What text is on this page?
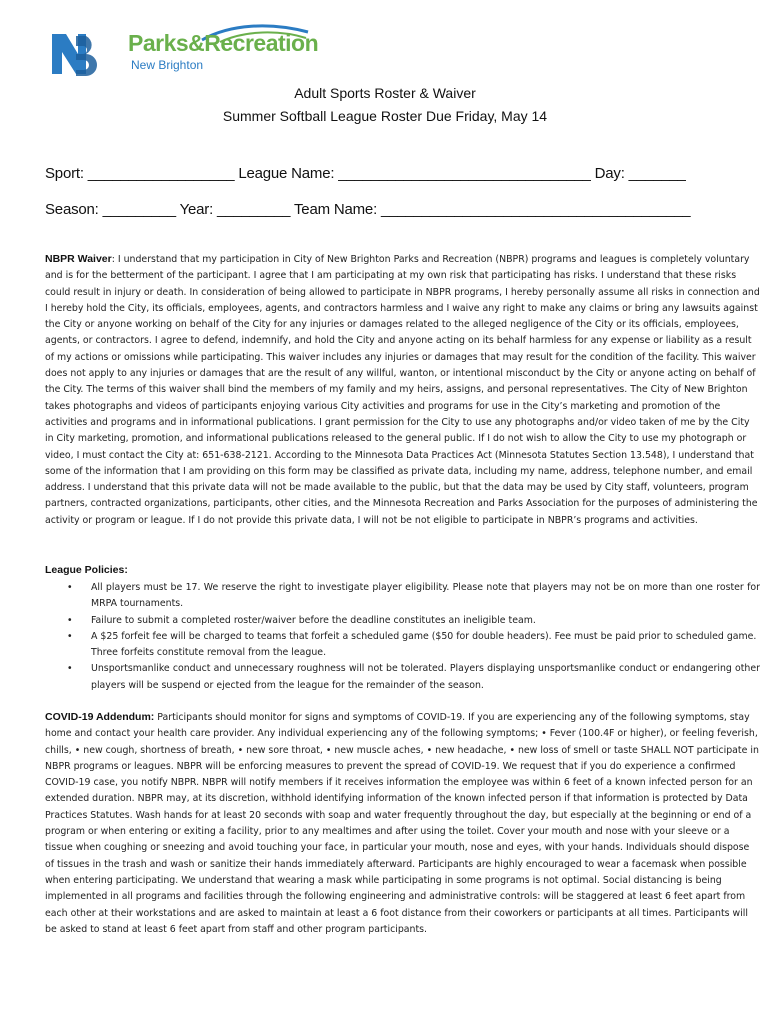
Parks&Recreation
New Brighton
Adult Sports Roster & Waiver
Summer Softball League Roster Due Friday, May 14
Sport: __________________ League Name: _______________________________ Day: _______
Season: _________ Year: _________ Team Name: ______________________________________
NBPR Waiver: I understand that my participation in City of New Brighton Parks and Recreation (NBPR) programs and leagues is completely voluntary and is for the betterment of the participant. I agree that I am participating at my own risk that participating has risks. I understand that these risks could result in injury or death. In consideration of being allowed to participate in NBPR programs, I hereby personally assume all risks in connection and I hereby hold the City, its officials, employees, agents, and contractors harmless and I waive any right to make any claims or bring any lawsuits against the City or anyone working on behalf of the City for any injuries or damages related to the alleged negligence of the City or its officials, employees, agents, or contractors. I agree to defend, indemnify, and hold the City and anyone acting on its behalf harmless for any expense or liability as a result of my actions or omissions while participating. This waiver includes any injuries or damages that may result for the condition of the facility. This waiver does not apply to any injuries or damages that are the result of any willful, wanton, or intentional misconduct by the City or anyone acting on behalf of the City. The terms of this waiver shall bind the members of my family and my heirs, assigns, and personal representatives. The City of New Brighton takes photographs and videos of participants enjoying various City activities and programs for use in the City’s marketing and promotion of the activities and programs and in informational publications. I grant permission for the City to use any photographs and/or video taken of me by the City in City marketing, promotion, and informational publications released to the general public. If I do not wish to allow the City to use my photograph or video, I must contact the City at: 651-638-2121. According to the Minnesota Data Practices Act (Minnesota Statutes Section 13.548), I understand that some of the information that I am providing on this form may be classified as private data, including my name, address, telephone number, and email address. I understand that this private data will not be made available to the public, but that the data may be used by City staff, volunteers, program partners, contracted organizations, participants, other cities, and the Minnesota Recreation and Parks Association for the purposes of administering the activity or program or league. If I do not provide this private data, I will not be not eligible to participate in NBPR’s programs and activities.
League Policies:
• All players must be 17. We reserve the right to investigate player eligibility. Please note that players may not be on more than one roster for MRPA tournaments.
• Failure to submit a completed roster/waiver before the deadline constitutes an ineligible team.
• A $25 forfeit fee will be charged to teams that forfeit a scheduled game ($50 for double headers). Fee must be paid prior to scheduled game. Three forfeits constitute removal from the league.
• Unsportsmanlike conduct and unnecessary roughness will not be tolerated. Players displaying unsportsmanlike conduct or endangering other players will be suspend or ejected from the league for the remainder of the season.
COVID-19 Addendum: Participants should monitor for signs and symptoms of COVID-19. If you are experiencing any of the following symptoms, stay home and contact your health care provider. Any individual experiencing any of the following symptoms; • Fever (100.4F or higher), or feeling feverish, chills, • new cough, shortness of breath, • new sore throat, • new muscle aches, • new headache, • new loss of smell or taste SHALL NOT participate in NBPR programs or leagues. NBPR will be enforcing measures to prevent the spread of COVID-19. We request that if you do experience a confirmed COVID-19 case, you notify NBPR. NBPR will notify members if it receives information the employee was within 6 feet of a known infected person for an extended duration. NBPR may, at its discretion, withhold identifying information of the known infected person if that information is protected by Data Practices Statutes. Wash hands for at least 20 seconds with soap and water frequently throughout the day, but especially at the beginning or end of a program or when entering or exiting a facility, prior to any mealtimes and after using the toilet. Cover your mouth and nose with your sleeve or a tissue when coughing or sneezing and avoid touching your face, in particular your mouth, nose and eyes, with your hands. Individuals should dispose of tissues in the trash and wash or sanitize their hands immediately afterward. Participants are highly encouraged to wear a facemask when possible when entering participating. We understand that wearing a mask while participating in some programs is not optimal. Social distancing is being implemented in all programs and facilities through the following engineering and administrative controls: will be staggered at least 6 feet apart from each other at their workstations and are asked to maintain at least a 6 foot distance from their coworkers or participants at all times. Participants will be asked to stand at least 6 feet apart from staff and other program participants.
